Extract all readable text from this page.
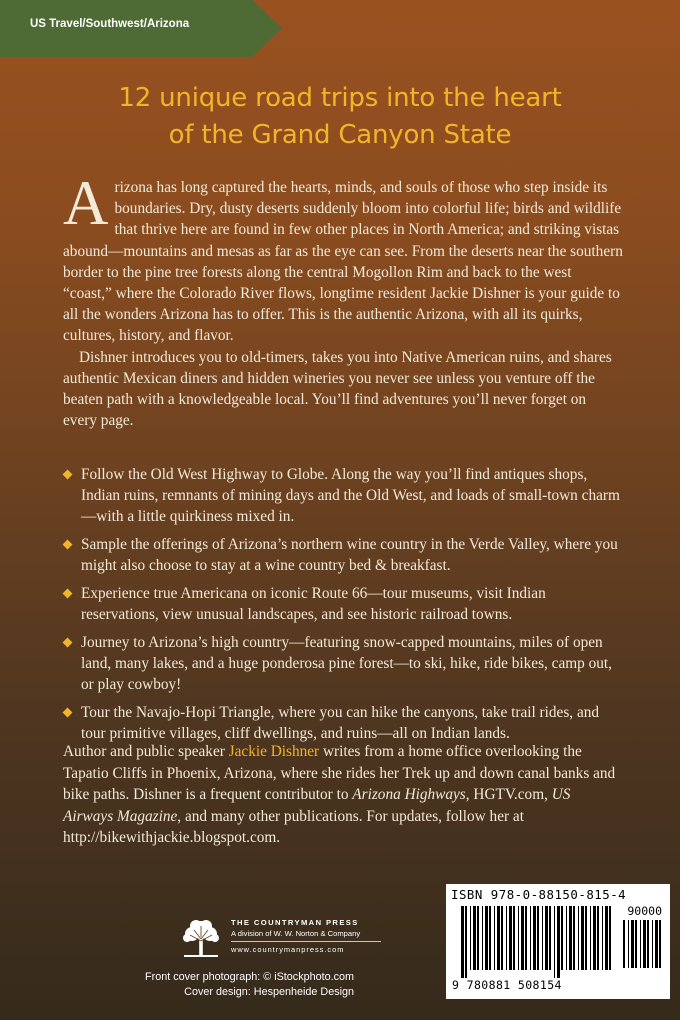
US Travel/Southwest/Arizona
12 unique road trips into the heart
of the Grand Canyon State
Arizona has long captured the hearts, minds, and souls of those who step inside its boundaries. Dry, dusty deserts suddenly bloom into colorful life; birds and wildlife that thrive here are found in few other places in North America; and striking vistas abound—mountains and mesas as far as the eye can see. From the deserts near the southern border to the pine tree forests along the central Mogollon Rim and back to the west “coast,” where the Colorado River flows, longtime resident Jackie Dishner is your guide to all the wonders Arizona has to offer. This is the authentic Arizona, with all its quirks, cultures, history, and flavor.
Dishner introduces you to old-timers, takes you into Native American ruins, and shares authentic Mexican diners and hidden wineries you never see unless you venture off the beaten path with a knowledgeable local. You’ll find adventures you’ll never forget on every page.
Follow the Old West Highway to Globe. Along the way you’ll find antiques shops, Indian ruins, remnants of mining days and the Old West, and loads of small-town charm—with a little quirkiness mixed in.
Sample the offerings of Arizona’s northern wine country in the Verde Valley, where you might also choose to stay at a wine country bed & breakfast.
Experience true Americana on iconic Route 66—tour museums, visit Indian reservations, view unusual landscapes, and see historic railroad towns.
Journey to Arizona’s high country—featuring snow-capped mountains, miles of open land, many lakes, and a huge ponderosa pine forest—to ski, hike, ride bikes, camp out, or play cowboy!
Tour the Navajo-Hopi Triangle, where you can hike the canyons, take trail rides, and tour primitive villages, cliff dwellings, and ruins—all on Indian lands.

Author and public speaker Jackie Dishner writes from a home office overlooking the Tapatio Cliffs in Phoenix, Arizona, where she rides her Trek up and down canal banks and bike paths. Dishner is a frequent contributor to Arizona Highways, HGTV.com, US Airways Magazine, and many other publications. For updates, follow her at http://bikewithjackie.blogspot.com.

THE COUNTRYMAN PRESS
A division of W. W. Norton & Company
www.countrymanpress.com
Front cover photograph: © iStockphoto.com
Cover design: Hespenheide Design
ISBN 978-0-88150-815-4
90000
9 780881 508154
